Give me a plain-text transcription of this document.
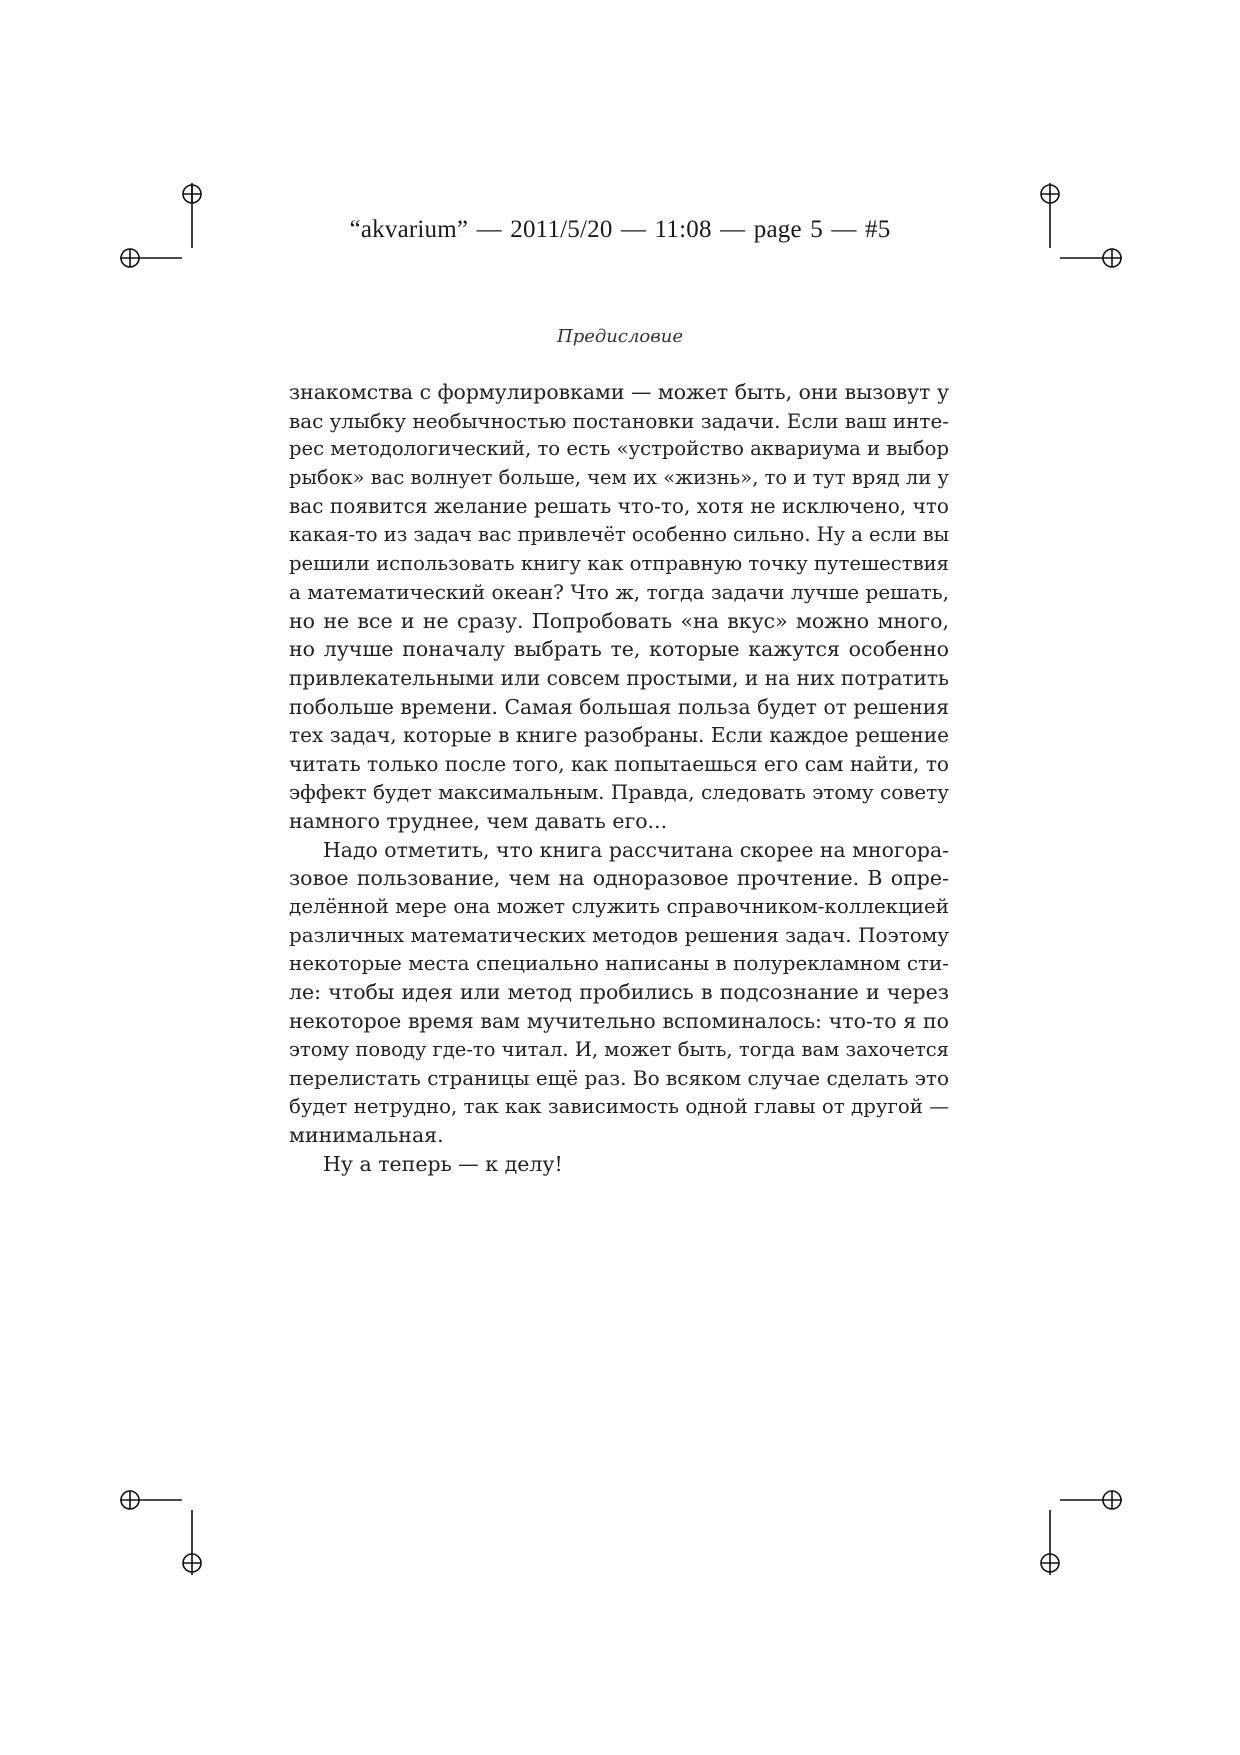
“akvarium” — 2011/5/20 — 11:08 — page 5 — #5
Предисловие
знакомства с формулировками — может быть, они вызовут у
вас улыбку необычностью постановки задачи. Если ваш инте-
рес методологический, то есть «устройство аквариума и выбор
рыбок» вас волнует больше, чем их «жизнь», то и тут вряд ли у
вас появится желание решать что-то, хотя не исключено, что
какая-то из задач вас привлечёт особенно сильно. Ну а если вы
решили использовать книгу как отправную точку путешествия
а математический океан? Что ж, тогда задачи лучше решать,
но не все и не сразу. Попробовать «на вкус» можно много,
но лучше поначалу выбрать те, которые кажутся особенно
привлекательными или совсем простыми, и на них потратить
побольше времени. Самая большая польза будет от решения
тех задач, которые в книге разобраны. Если каждое решение
читать только после того, как попытаешься его сам найти, то
эффект будет максимальным. Правда, следовать этому совету
намного труднее, чем давать его...
Надо отметить, что книга рассчитана скорее на многора-
зовое пользование, чем на одноразовое прочтение. В опре-
делённой мере она может служить справочником-коллекцией
различных математических методов решения задач. Поэтому
некоторые места специально написаны в полурекламном сти-
ле: чтобы идея или метод пробились в подсознание и через
некоторое время вам мучительно вспоминалось: что-то я по
этому поводу где-то читал. И, может быть, тогда вам захочется
перелистать страницы ещё раз. Во всяком случае сделать это
будет нетрудно, так как зависимость одной главы от другой —
минимальная.
Ну а теперь — к делу!
